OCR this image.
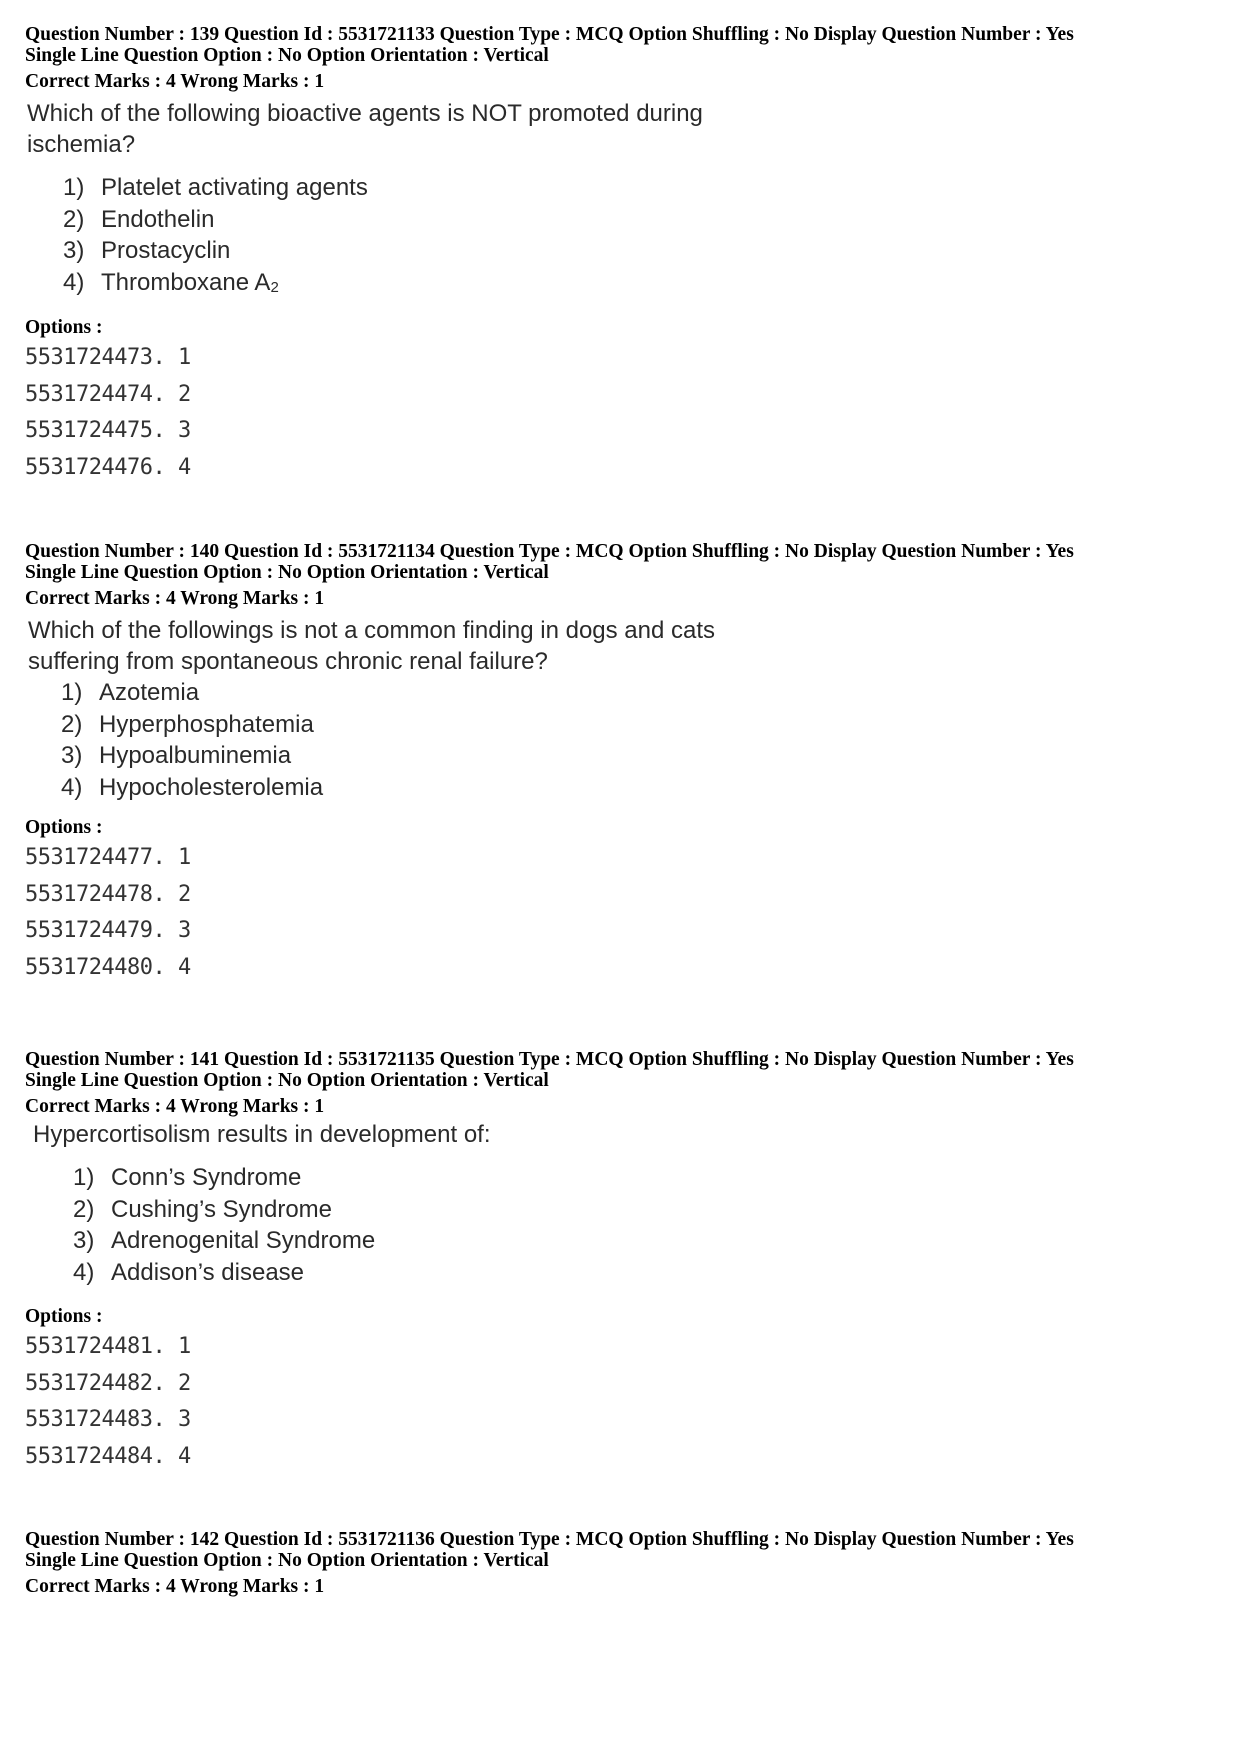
Question Number : 139 Question Id : 5531721133 Question Type : MCQ Option Shuffling : No Display Question Number : Yes
Single Line Question Option : No Option Orientation : Vertical
Correct Marks : 4 Wrong Marks : 1
Which of the following bioactive agents is NOT promoted during
ischemia?
1) Platelet activating agents
2) Endothelin
3) Prostacyclin
4) Thromboxane $A_2$
Options :
5531724473. 1
5531724474. 2
5531724475. 3
5531724476. 4
Question Number : 140 Question Id : 5531721134 Question Type : MCQ Option Shuffling : No Display Question Number : Yes
Single Line Question Option : No Option Orientation : Vertical
Correct Marks : 4 Wrong Marks : 1
Which of the followings is not a common finding in dogs and cats
suffering from spontaneous chronic renal failure?
1) Azotemia
2) Hyperphosphatemia
3) Hypoalbuminemia
4) Hypocholesterolemia
Options :
5531724477. 1
5531724478. 2
5531724479. 3
5531724480. 4
Question Number : 141 Question Id : 5531721135 Question Type : MCQ Option Shuffling : No Display Question Number : Yes
Single Line Question Option : No Option Orientation : Vertical
Correct Marks : 4 Wrong Marks : 1
Hypercortisolism results in development of:
1) Conn’s Syndrome
2) Cushing’s Syndrome
3) Adrenogenital Syndrome
4) Addison’s disease
Options :
5531724481. 1
5531724482. 2
5531724483. 3
5531724484. 4
Question Number : 142 Question Id : 5531721136 Question Type : MCQ Option Shuffling : No Display Question Number : Yes
Single Line Question Option : No Option Orientation : Vertical
Correct Marks : 4 Wrong Marks : 1
